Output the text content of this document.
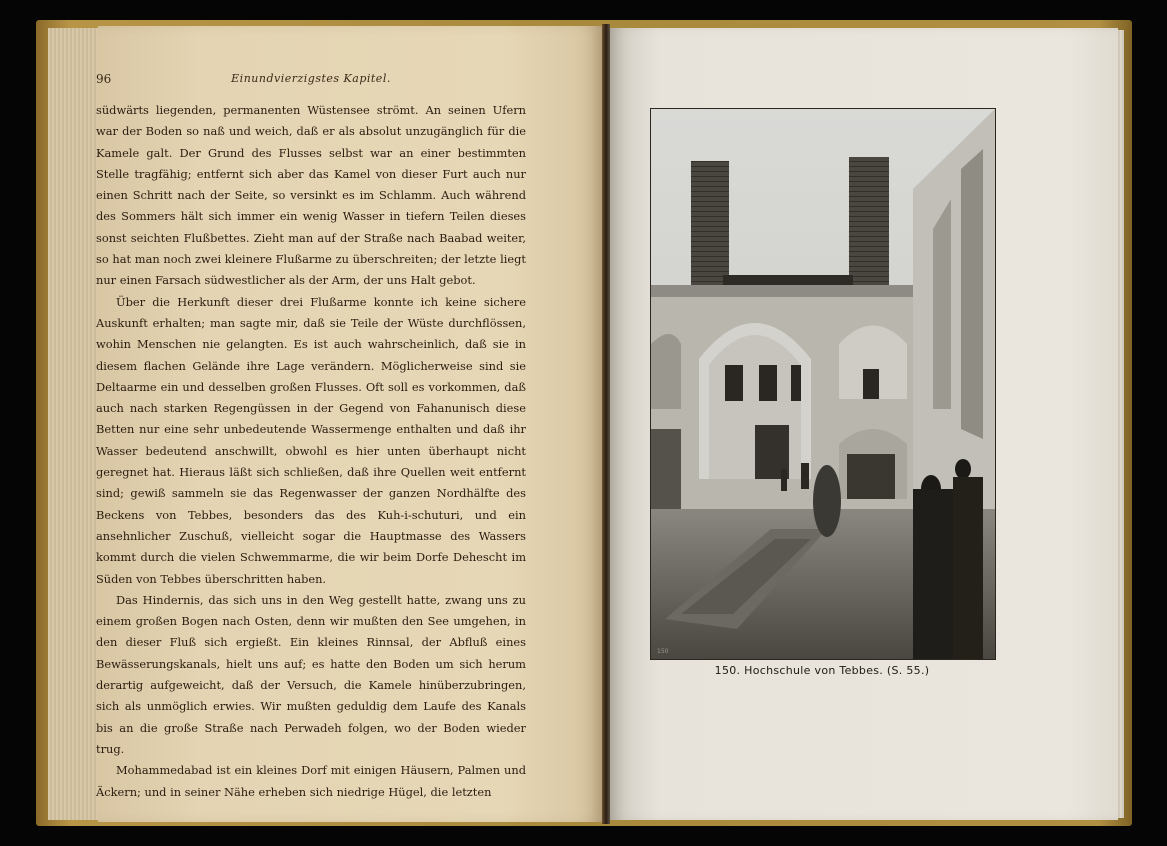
96	Einundvierzigstes Kapitel.

südwärts liegenden, permanenten Wüstensee strömt. An seinen Ufern war der Boden so naß und weich, daß er als absolut unzugänglich für die Kamele galt. Der Grund des Flusses selbst war an einer bestimmten Stelle tragfähig; entfernt sich aber das Kamel von dieser Furt auch nur einen Schritt nach der Seite, so versinkt es im Schlamm. Auch während des Sommers hält sich immer ein wenig Wasser in tiefern Teilen dieses sonst seichten Flußbettes. Zieht man auf der Straße nach Baabad weiter, so hat man noch zwei kleinere Flußarme zu überschreiten; der letzte liegt nur einen Farsach südwestlicher als der Arm, der uns Halt gebot.

Über die Herkunft dieser drei Flußarme konnte ich keine sichere Auskunft erhalten; man sagte mir, daß sie Teile der Wüste durchflössen, wohin Menschen nie gelangten. Es ist auch wahrscheinlich, daß sie in diesem flachen Gelände ihre Lage verändern. Möglicherweise sind sie Deltaarme ein und desselben großen Flusses. Oft soll es vorkommen, daß auch nach starken Regengüssen in der Gegend von Fahanunisch diese Betten nur eine sehr unbedeutende Wassermenge enthalten und daß ihr Wasser bedeutend anschwillt, obwohl es hier unten überhaupt nicht geregnet hat. Hieraus läßt sich schließen, daß ihre Quellen weit entfernt sind; gewiß sammeln sie das Regenwasser der ganzen Nordhälfte des Beckens von Tebbes, besonders das des Kuh-i-schuturi, und ein ansehnlicher Zuschuß, vielleicht sogar die Hauptmasse des Wassers kommt durch die vielen Schwemmarme, die wir beim Dorfe Dehescht im Süden von Tebbes überschritten haben.

Das Hindernis, das sich uns in den Weg gestellt hatte, zwang uns zu einem großen Bogen nach Osten, denn wir mußten den See umgehen, in den dieser Fluß sich ergießt. Ein kleines Rinnsal, der Abfluß eines Bewässerungskanals, hielt uns auf; es hatte den Boden um sich herum derartig aufgeweicht, daß der Versuch, die Kamele hinüberzubringen, sich als unmöglich erwies. Wir mußten geduldig dem Laufe des Kanals bis an die große Straße nach Perwadeh folgen, wo der Boden wieder trug.

Mohammedabad ist ein kleines Dorf mit einigen Häusern, Palmen und Äckern; und in seiner Nähe erheben sich niedrige Hügel, die letzten

150
150. Hochschule von Tebbes. (S. 55.)
